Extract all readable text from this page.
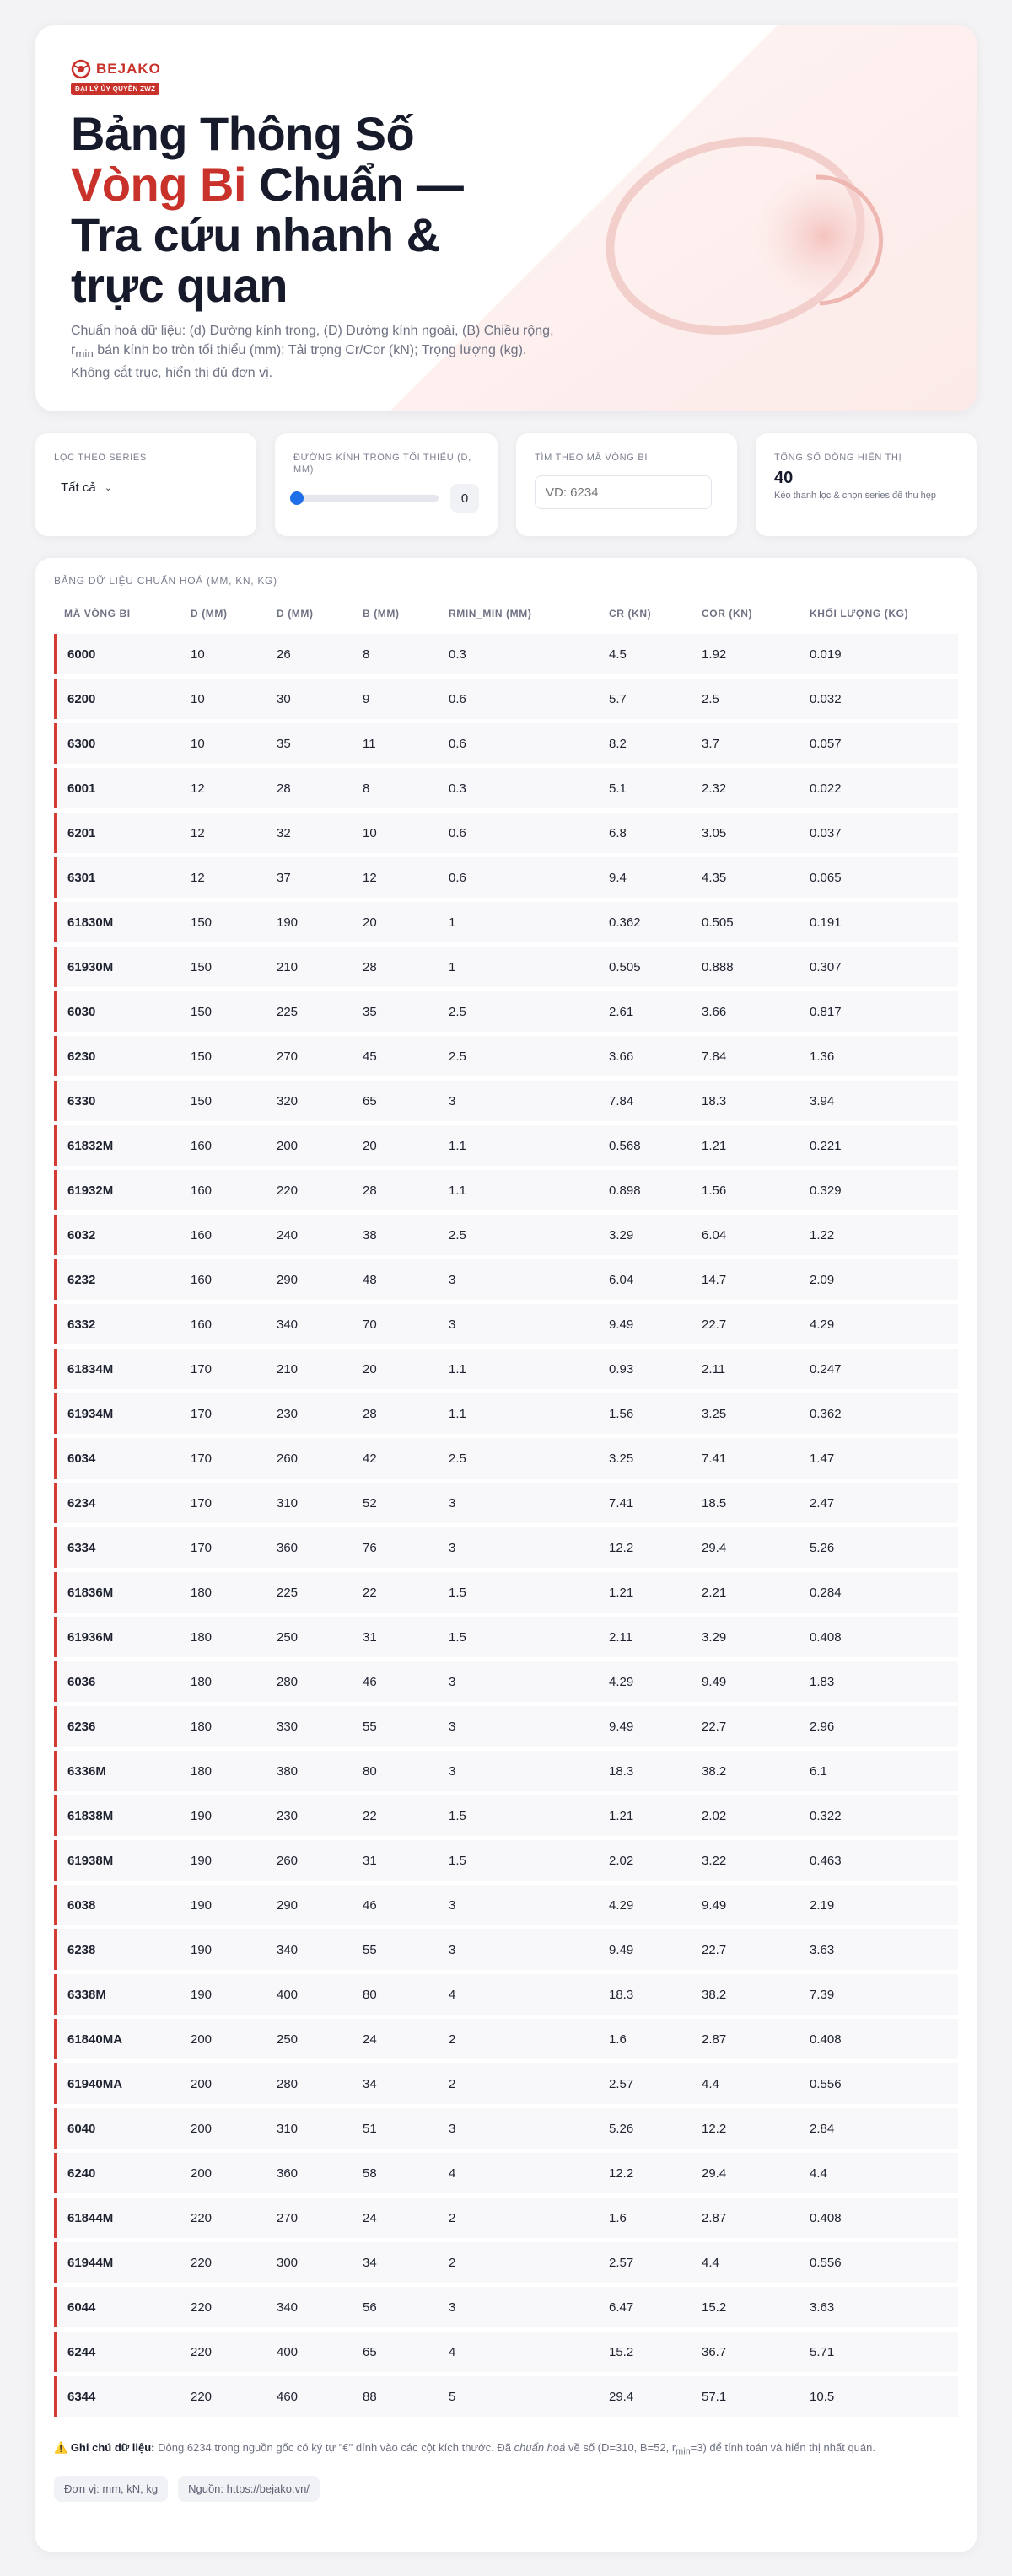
BEJAKO
ĐẠI LÝ ỦY QUYỀN ZWZ
Bảng Thông Số
Vòng Bi Chuẩn —
Tra cứu nhanh &
trực quan

Chuẩn hoá dữ liệu: (d) Đường kính trong, (D) Đường kính ngoài, (B) Chiều rộng, $r_{min}$ bán kính bo tròn tối thiểu (mm); Tải trọng Cr/Cor (kN); Trọng lượng (kg). Không cắt trục, hiển thị đủ đơn vị.

LỌC THEO SERIES
Tất cả ⌄
ĐƯỜNG KÍNH TRONG TỐI THIỂU (D, MM)
0
TÌM THEO MÃ VÒNG BI
VD: 6234	TỔNG SỐ DÒNG HIỂN THỊ
40
Kéo thanh lọc & chọn series để thu hẹp
BẢNG DỮ LIỆU CHUẨN HOÁ (MM, KN, KG)
MÃ VÒNG BI	D (MM)	D (MM)	B (MM)	RMIN_MIN (MM)	CR (KN)	COR (KN)	KHỐI LƯỢNG (KG)
6000	10	26	8	0.3	4.5	1.92	0.019
6200	10	30	9	0.6	5.7	2.5	0.032
6300	10	35	11	0.6	8.2	3.7	0.057
6001	12	28	8	0.3	5.1	2.32	0.022
6201	12	32	10	0.6	6.8	3.05	0.037
6301	12	37	12	0.6	9.4	4.35	0.065
61830M	150	190	20	1	0.362	0.505	0.191
61930M	150	210	28	1	0.505	0.888	0.307
6030	150	225	35	2.5	2.61	3.66	0.817
6230	150	270	45	2.5	3.66	7.84	1.36
6330	150	320	65	3	7.84	18.3	3.94
61832M	160	200	20	1.1	0.568	1.21	0.221
61932M	160	220	28	1.1	0.898	1.56	0.329
6032	160	240	38	2.5	3.29	6.04	1.22
6232	160	290	48	3	6.04	14.7	2.09
6332	160	340	70	3	9.49	22.7	4.29
61834M	170	210	20	1.1	0.93	2.11	0.247
61934M	170	230	28	1.1	1.56	3.25	0.362
6034	170	260	42	2.5	3.25	7.41	1.47
6234	170	310	52	3	7.41	18.5	2.47
6334	170	360	76	3	12.2	29.4	5.26
61836M	180	225	22	1.5	1.21	2.21	0.284
61936M	180	250	31	1.5	2.11	3.29	0.408
6036	180	280	46	3	4.29	9.49	1.83
6236	180	330	55	3	9.49	22.7	2.96
6336M	180	380	80	3	18.3	38.2	6.1
61838M	190	230	22	1.5	1.21	2.02	0.322
61938M	190	260	31	1.5	2.02	3.22	0.463
6038	190	290	46	3	4.29	9.49	2.19
6238	190	340	55	3	9.49	22.7	3.63
6338M	190	400	80	4	18.3	38.2	7.39
61840MA	200	250	24	2	1.6	2.87	0.408
61940MA	200	280	34	2	2.57	4.4	0.556
6040	200	310	51	3	5.26	12.2	2.84
6240	200	360	58	4	12.2	29.4	4.4
61844M	220	270	24	2	1.6	2.87	0.408
61944M	220	300	34	2	2.57	4.4	0.556
6044	220	340	56	3	6.47	15.2	3.63
6244	220	400	65	4	15.2	36.7	5.71
6344	220	460	88	5	29.4	57.1	10.5
⚠️ Ghi chú dữ liệu: Dòng 6234 trong nguồn gốc có ký tự "€" dính vào các cột kích thước. Đã chuẩn hoá về số (D=310, B=52, $r_{min}=3$) để tính toán và hiển thị nhất quán.
Đơn vị: mm, kN, kg	Nguồn: https://bejako.vn/
